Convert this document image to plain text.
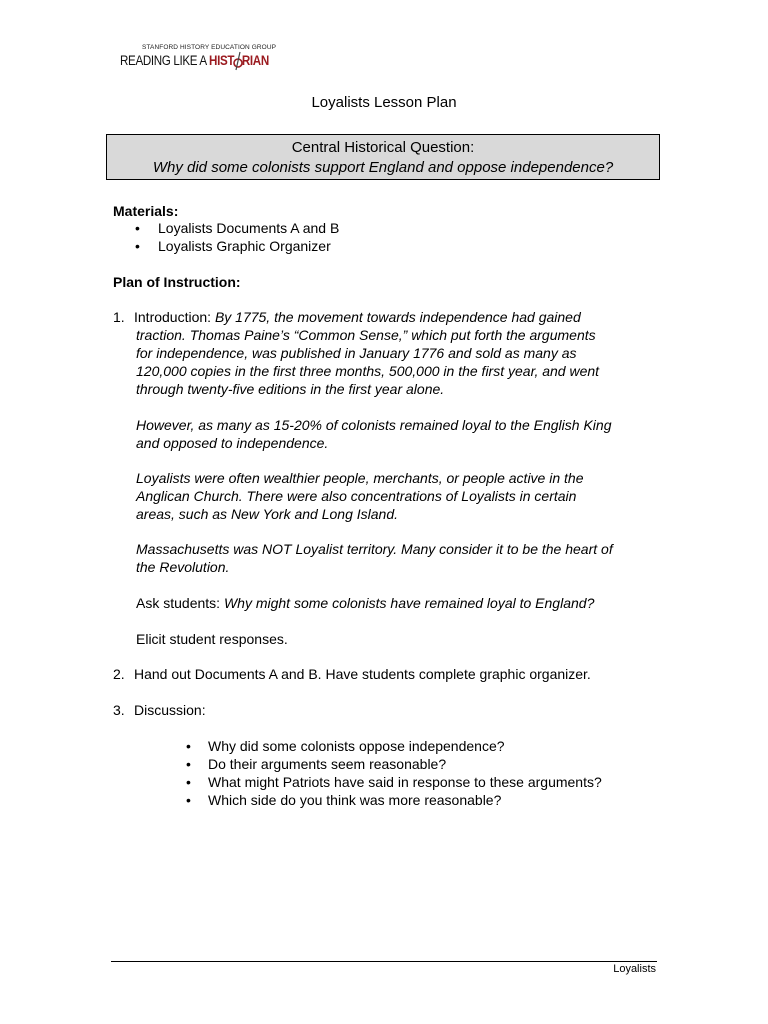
STANFORD HISTORY EDUCATION GROUP
READING LIKE A HIST RIAN
Loyalists Lesson Plan
Central Historical Question:
Why did some colonists support England and oppose independence?
Materials:
• Loyalists Documents A and B
• Loyalists Graphic Organizer
Plan of Instruction:
1. Introduction: By 1775, the movement towards independence had gained
traction. Thomas Paine’s “Common Sense,” which put forth the arguments
for independence, was published in January 1776 and sold as many as
120,000 copies in the first three months, 500,000 in the first year, and went
through twenty-five editions in the first year alone.
However, as many as 15-20% of colonists remained loyal to the English King
and opposed to independence.
Loyalists were often wealthier people, merchants, or people active in the
Anglican Church. There were also concentrations of Loyalists in certain
areas, such as New York and Long Island.
Massachusetts was NOT Loyalist territory. Many consider it to be the heart of
the Revolution.
Ask students: Why might some colonists have remained loyal to England?
Elicit student responses.
2. Hand out Documents A and B. Have students complete graphic organizer.
3. Discussion:
• Why did some colonists oppose independence?
• Do their arguments seem reasonable?
• What might Patriots have said in response to these arguments?
• Which side do you think was more reasonable?
Loyalists
